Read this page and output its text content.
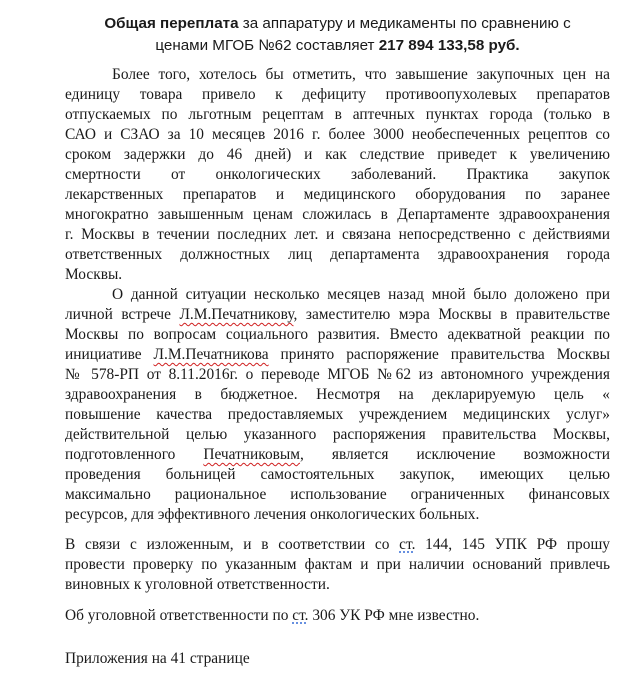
Общая переплата за аппаратуру и медикаменты по сравнению с

ценами МГОБ №62 составляет 217 894 133,58 руб.

Более того, хотелось бы отметить, что завышение закупочных цен на

единицу товара привело к дефициту противоопухолевых препаратов

отпускаемых по льготным рецептам в аптечных пунктах города (только в

САО и СЗАО за 10 месяцев 2016 г. более 3000 необеспеченных рецептов со

сроком задержки до 46 дней) и как следствие приведет к увеличению

смертности от онкологических заболеваний. Практика закупок

лекарственных препаратов и медицинского оборудования по заранее

многократно завышенным ценам сложилась в Департаменте здравоохранения

г. Москвы в течении последних лет. и связана непосредственно с действиями

ответственных должностных лиц департамента здравоохранения города

Москвы.

О данной ситуации несколько месяцев назад мной было доложено при

личной встрече Л.М.Печатникову, заместителю мэра Москвы в правительстве

Москвы по вопросам социального развития. Вместо адекватной реакции по

инициативе Л.М.Печатникова принято распоряжение правительства Москвы

№ 578-РП от 8.11.2016г. о переводе МГОБ №62 из автономного учреждения

здравоохранения в бюджетное. Несмотря на декларируемую цель «

повышение качества предоставляемых учреждением медицинских услуг»

действительной целью указанного распоряжения правительства Москвы,

подготовленного Печатниковым, является исключение возможности

проведения больницей самостоятельных закупок, имеющих целью

максимально рациональное использование ограниченных финансовых

ресурсов, для эффективного лечения онкологических больных.

В связи с изложенным, и в соответствии со ст. 144, 145 УПК РФ прошу

провести проверку по указанным фактам и при наличии оснований привлечь

виновных к уголовной ответственности.

Об уголовной ответственности по ст. 306 УК РФ мне известно.

Приложения на 41 странице
